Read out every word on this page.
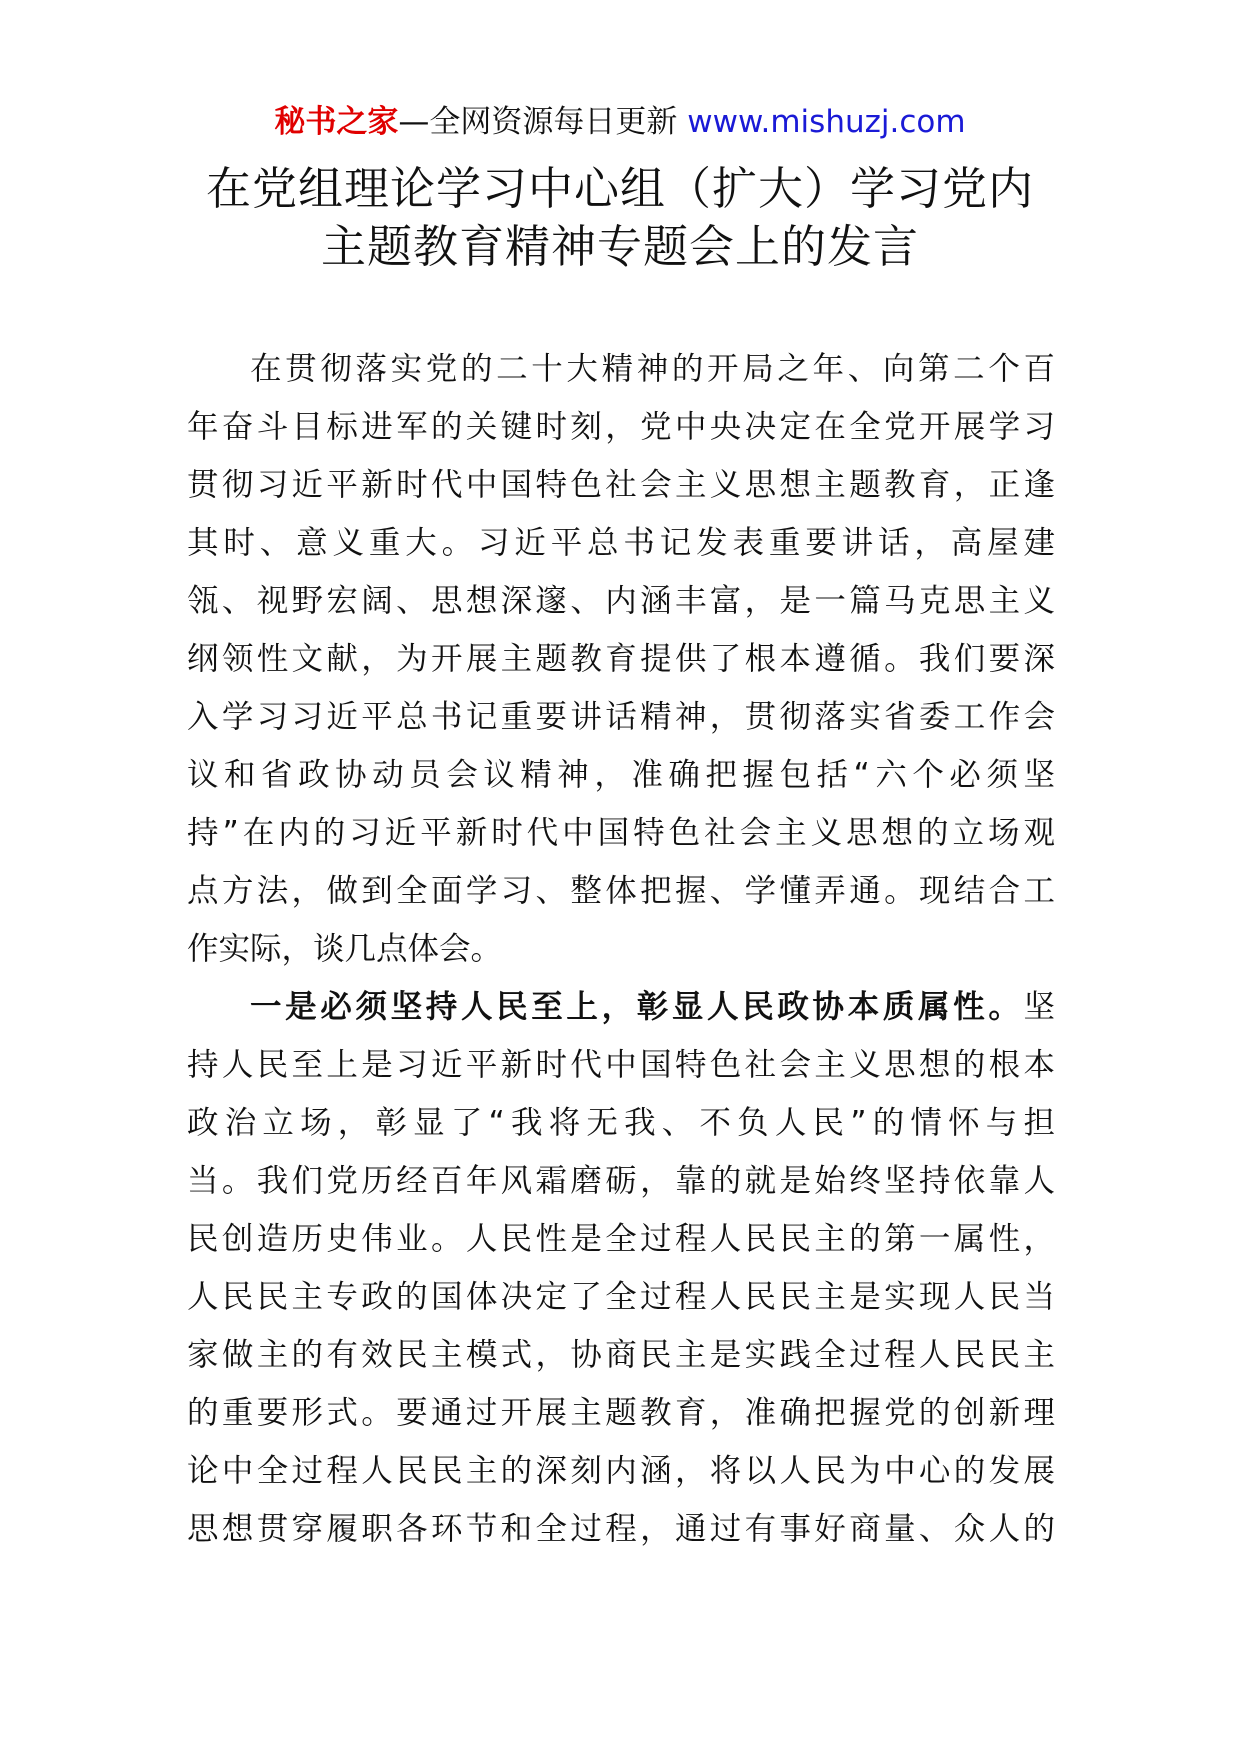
秘书之家—全网资源每日更新 www.mishuzj.com
在党组理论学习中心组（扩大）学习党内
主题教育精神专题会上的发言
在贯彻落实党的二十大精神的开局之年、向第二个百
年奋斗目标进军的关键时刻，党中央决定在全党开展学习
贯彻习近平新时代中国特色社会主义思想主题教育，正逢
其时、意义重大。习近平总书记发表重要讲话，高屋建
瓴、视野宏阔、思想深邃、内涵丰富，是一篇马克思主义
纲领性文献，为开展主题教育提供了根本遵循。我们要深
入学习习近平总书记重要讲话精神，贯彻落实省委工作会
议和省政协动员会议精神，准确把握包括“六个必须坚
持”在内的习近平新时代中国特色社会主义思想的立场观
点方法，做到全面学习、整体把握、学懂弄通。现结合工
作实际，谈几点体会。
一是必须坚持人民至上，彰显人民政协本质属性。坚
持人民至上是习近平新时代中国特色社会主义思想的根本
政治立场，彰显了“我将无我、不负人民”的情怀与担
当。我们党历经百年风霜磨砺，靠的就是始终坚持依靠人
民创造历史伟业。人民性是全过程人民民主的第一属性，
人民民主专政的国体决定了全过程人民民主是实现人民当
家做主的有效民主模式，协商民主是实践全过程人民民主
的重要形式。要通过开展主题教育，准确把握党的创新理
论中全过程人民民主的深刻内涵，将以人民为中心的发展
思想贯穿履职各环节和全过程，通过有事好商量、众人的
